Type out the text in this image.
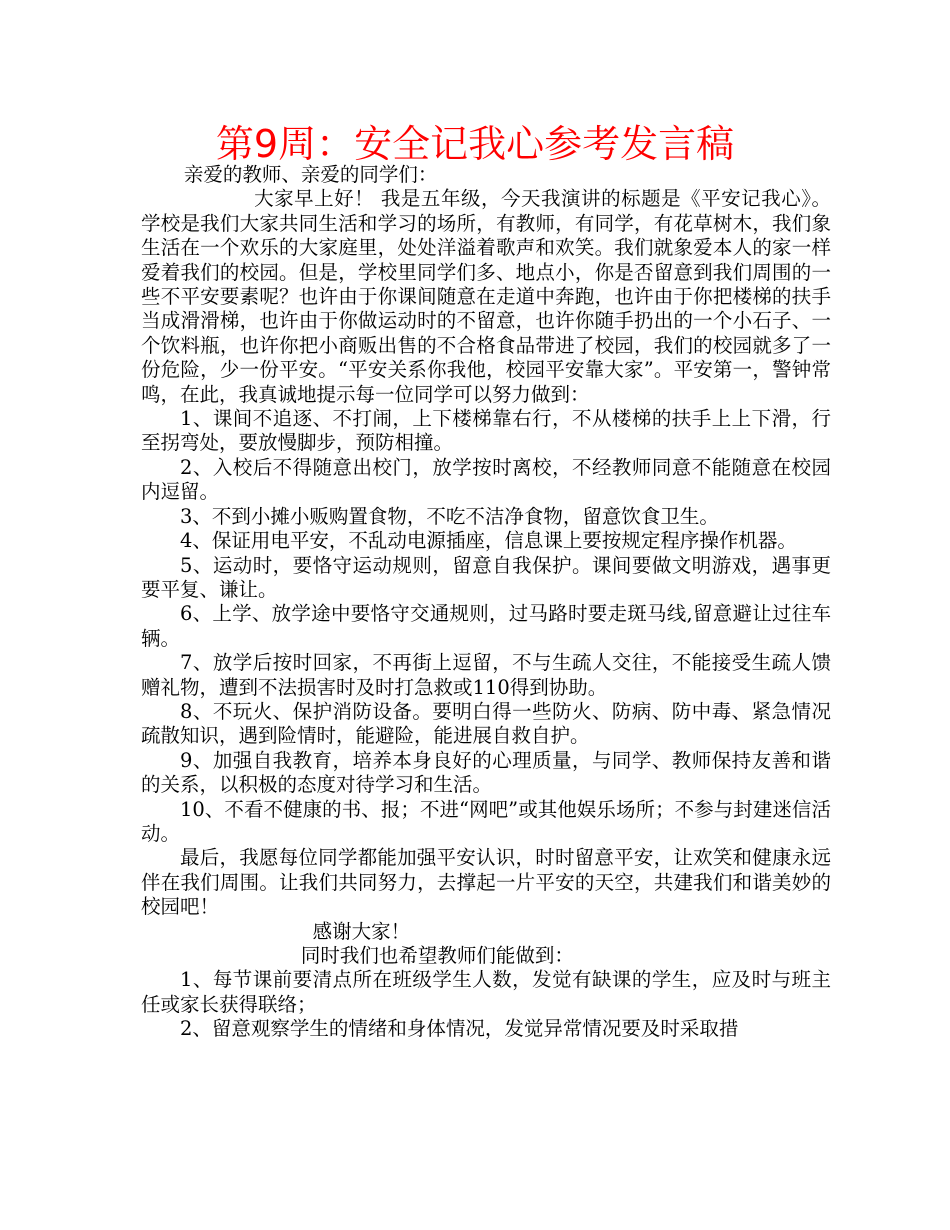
第9周：安全记我心参考发言稿

亲爱的教师、亲爱的同学们：

大家早上好！ 我是五年级，今天我演讲的标题是《平安记我心》。学校是我们大家共同生活和学习的场所，有教师，有同学，有花草树木，我们象生活在一个欢乐的大家庭里，处处洋溢着歌声和欢笑。我们就象爱本人的家一样爱着我们的校园。但是，学校里同学们多、地点小，你是否留意到我们周围的一些不平安要素呢？也许由于你课间随意在走道中奔跑，也许由于你把楼梯的扶手当成滑滑梯，也许由于你做运动时的不留意，也许你随手扔出的一个小石子、一个饮料瓶，也许你把小商贩出售的不合格食品带进了校园，我们的校园就多了一份危险，少一份平安。“平安关系你我他，校园平安靠大家”。平安第一，警钟常鸣，在此，我真诚地提示每一位同学可以努力做到：

1、课间不追逐、不打闹，上下楼梯靠右行，不从楼梯的扶手上上下滑，行至拐弯处，要放慢脚步，预防相撞。

2、入校后不得随意出校门，放学按时离校，不经教师同意不能随意在校园内逗留。

3、不到小摊小贩购置食物，不吃不洁净食物，留意饮食卫生。

4、保证用电平安，不乱动电源插座，信息课上要按规定程序操作机器。

5、运动时，要恪守运动规则，留意自我保护。课间要做文明游戏，遇事更要平复、谦让。

6、上学、放学途中要恪守交通规则，过马路时要走斑马线,留意避让过往车辆。

7、放学后按时回家，不再街上逗留，不与生疏人交往，不能接受生疏人馈赠礼物，遭到不法损害时及时打急救或110得到协助。

8、不玩火、保护消防设备。要明白得一些防火、防病、防中毒、紧急情况疏散知识，遇到险情时，能避险，能进展自救自护。

9、加强自我教育，培养本身良好的心理质量，与同学、教师保持友善和谐的关系，以积极的态度对待学习和生活。

10、不看不健康的书、报；不进“网吧”或其他娱乐场所；不参与封建迷信活动。

最后，我愿每位同学都能加强平安认识，时时留意平安，让欢笑和健康永远伴在我们周围。让我们共同努力，去撑起一片平安的天空，共建我们和谐美妙的校园吧！

感谢大家！

同时我们也希望教师们能做到：

1、每节课前要清点所在班级学生人数，发觉有缺课的学生，应及时与班主任或家长获得联络；

2、留意观察学生的情绪和身体情况，发觉异常情况要及时采取措
